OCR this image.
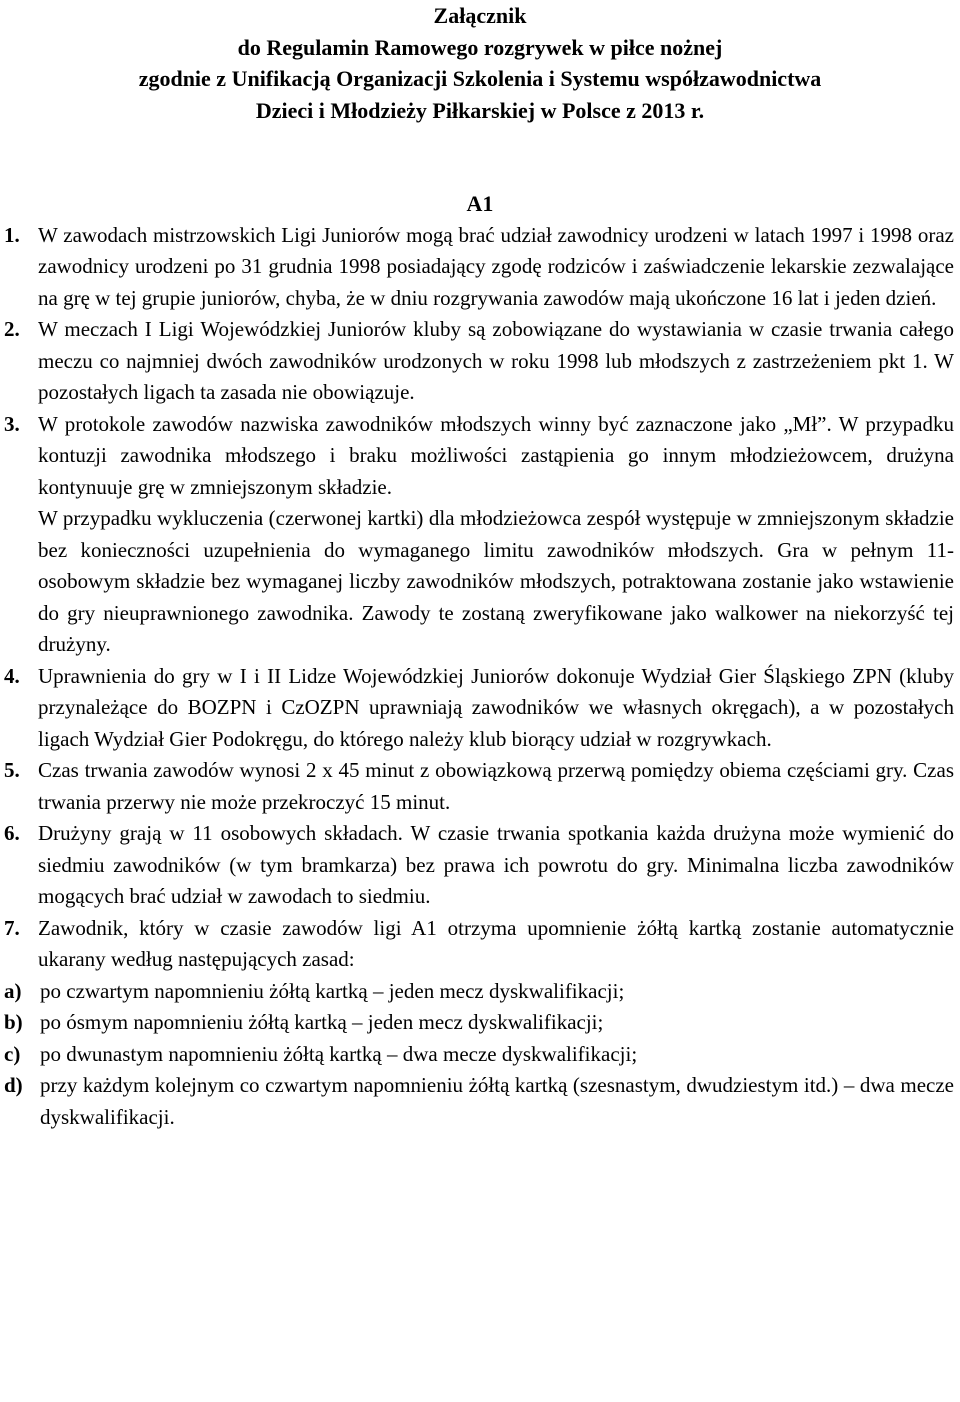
Załącznik
do Regulamin Ramowego rozgrywek w piłce nożnej
zgodnie z Unifikacją Organizacji Szkolenia i Systemu współzawodnictwa
Dzieci i Młodzieży Piłkarskiej w Polsce z 2013 r.
A1
1. W zawodach mistrzowskich Ligi Juniorów mogą brać udział zawodnicy urodzeni w latach 1997 i 1998 oraz zawodnicy urodzeni po 31 grudnia 1998 posiadający zgodę rodziców i zaświadczenie lekarskie zezwalające na grę w tej grupie juniorów, chyba, że w dniu rozgrywania zawodów mają ukończone 16 lat i jeden dzień.
2. W meczach I Ligi Wojewódzkiej Juniorów kluby są zobowiązane do wystawiania w czasie trwania całego meczu co najmniej dwóch zawodników urodzonych w roku 1998 lub młodszych z zastrzeżeniem pkt 1. W pozostałych ligach ta zasada nie obowiązuje.
3. W protokole zawodów nazwiska zawodników młodszych winny być zaznaczone jako „Mł”. W przypadku kontuzji zawodnika młodszego i braku możliwości zastąpienia go innym młodzieżowcem, drużyna kontynuuje grę w zmniejszonym składzie.
W przypadku wykluczenia (czerwonej kartki) dla młodzieżowca zespół występuje w zmniejszonym składzie bez konieczności uzupełnienia do wymaganego limitu zawodników młodszych. Gra w pełnym 11-osobowym składzie bez wymaganej liczby zawodników młodszych, potraktowana zostanie jako wstawienie do gry nieuprawnionego zawodnika. Zawody te zostaną zweryfikowane jako walkower na niekorzyść tej drużyny.
4. Uprawnienia do gry w I i II Lidze Wojewódzkiej Juniorów dokonuje Wydział Gier Śląskiego ZPN (kluby przynależące do BOZPN i CzOZPN uprawniają zawodników we własnych okręgach), a w pozostałych ligach Wydział Gier Podokręgu, do którego należy klub biorący udział w rozgrywkach.
5. Czas trwania zawodów wynosi 2 x 45 minut z obowiązkową przerwą pomiędzy obiema częściami gry. Czas trwania przerwy nie może przekroczyć 15 minut.
6. Drużyny grają w 11 osobowych składach. W czasie trwania spotkania każda drużyna może wymienić do siedmiu zawodników (w tym bramkarza) bez prawa ich powrotu do gry. Minimalna liczba zawodników mogących brać udział w zawodach to siedmiu.
7. Zawodnik, który w czasie zawodów ligi A1 otrzyma upomnienie żółtą kartką zostanie automatycznie ukarany według następujących zasad:
a) po czwartym napomnieniu żółtą kartką – jeden mecz dyskwalifikacji;
b) po ósmym napomnieniu żółtą kartką – jeden mecz dyskwalifikacji;
c) po dwunastym napomnieniu żółtą kartką – dwa mecze dyskwalifikacji;
d) przy każdym kolejnym co czwartym napomnieniu żółtą kartką (szesnastym, dwudziestym itd.) – dwa mecze dyskwalifikacji.
